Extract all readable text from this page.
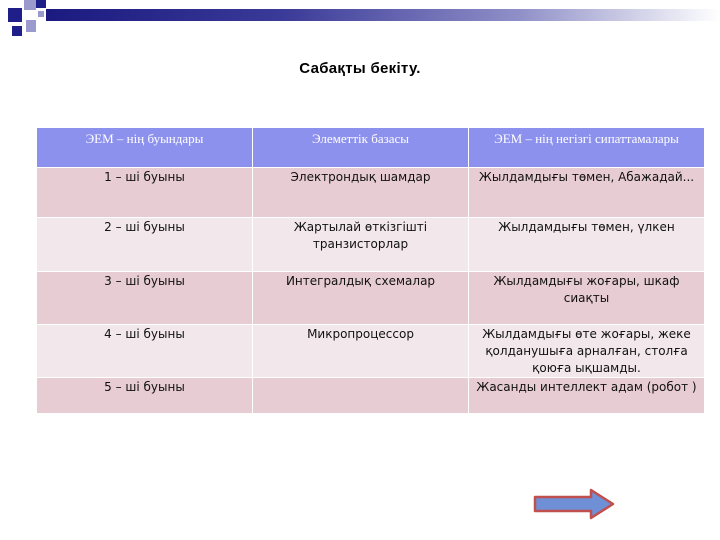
Сабақты бекіту.
ЭЕМ – нің буындары	Элеметтік базасы	ЭЕМ – нің негізгі сипаттамалары
1 – ші буыны	Электрондық шамдар	Жылдамдығы төмен, Абажадай...
2 – ші буыны	Жартылай өткізгішті транзисторлар	Жылдамдығы төмен, үлкен
3 – ші буыны	Интегралдық схемалар	Жылдамдығы жоғары, шкаф сиақты
4 – ші буыны	Микропроцессор	Жылдамдығы өте жоғары, жеке қолданушыға арналған, столға қоюға ықшамды.
5 – ші буыны		Жасанды интеллект адам (робот )
